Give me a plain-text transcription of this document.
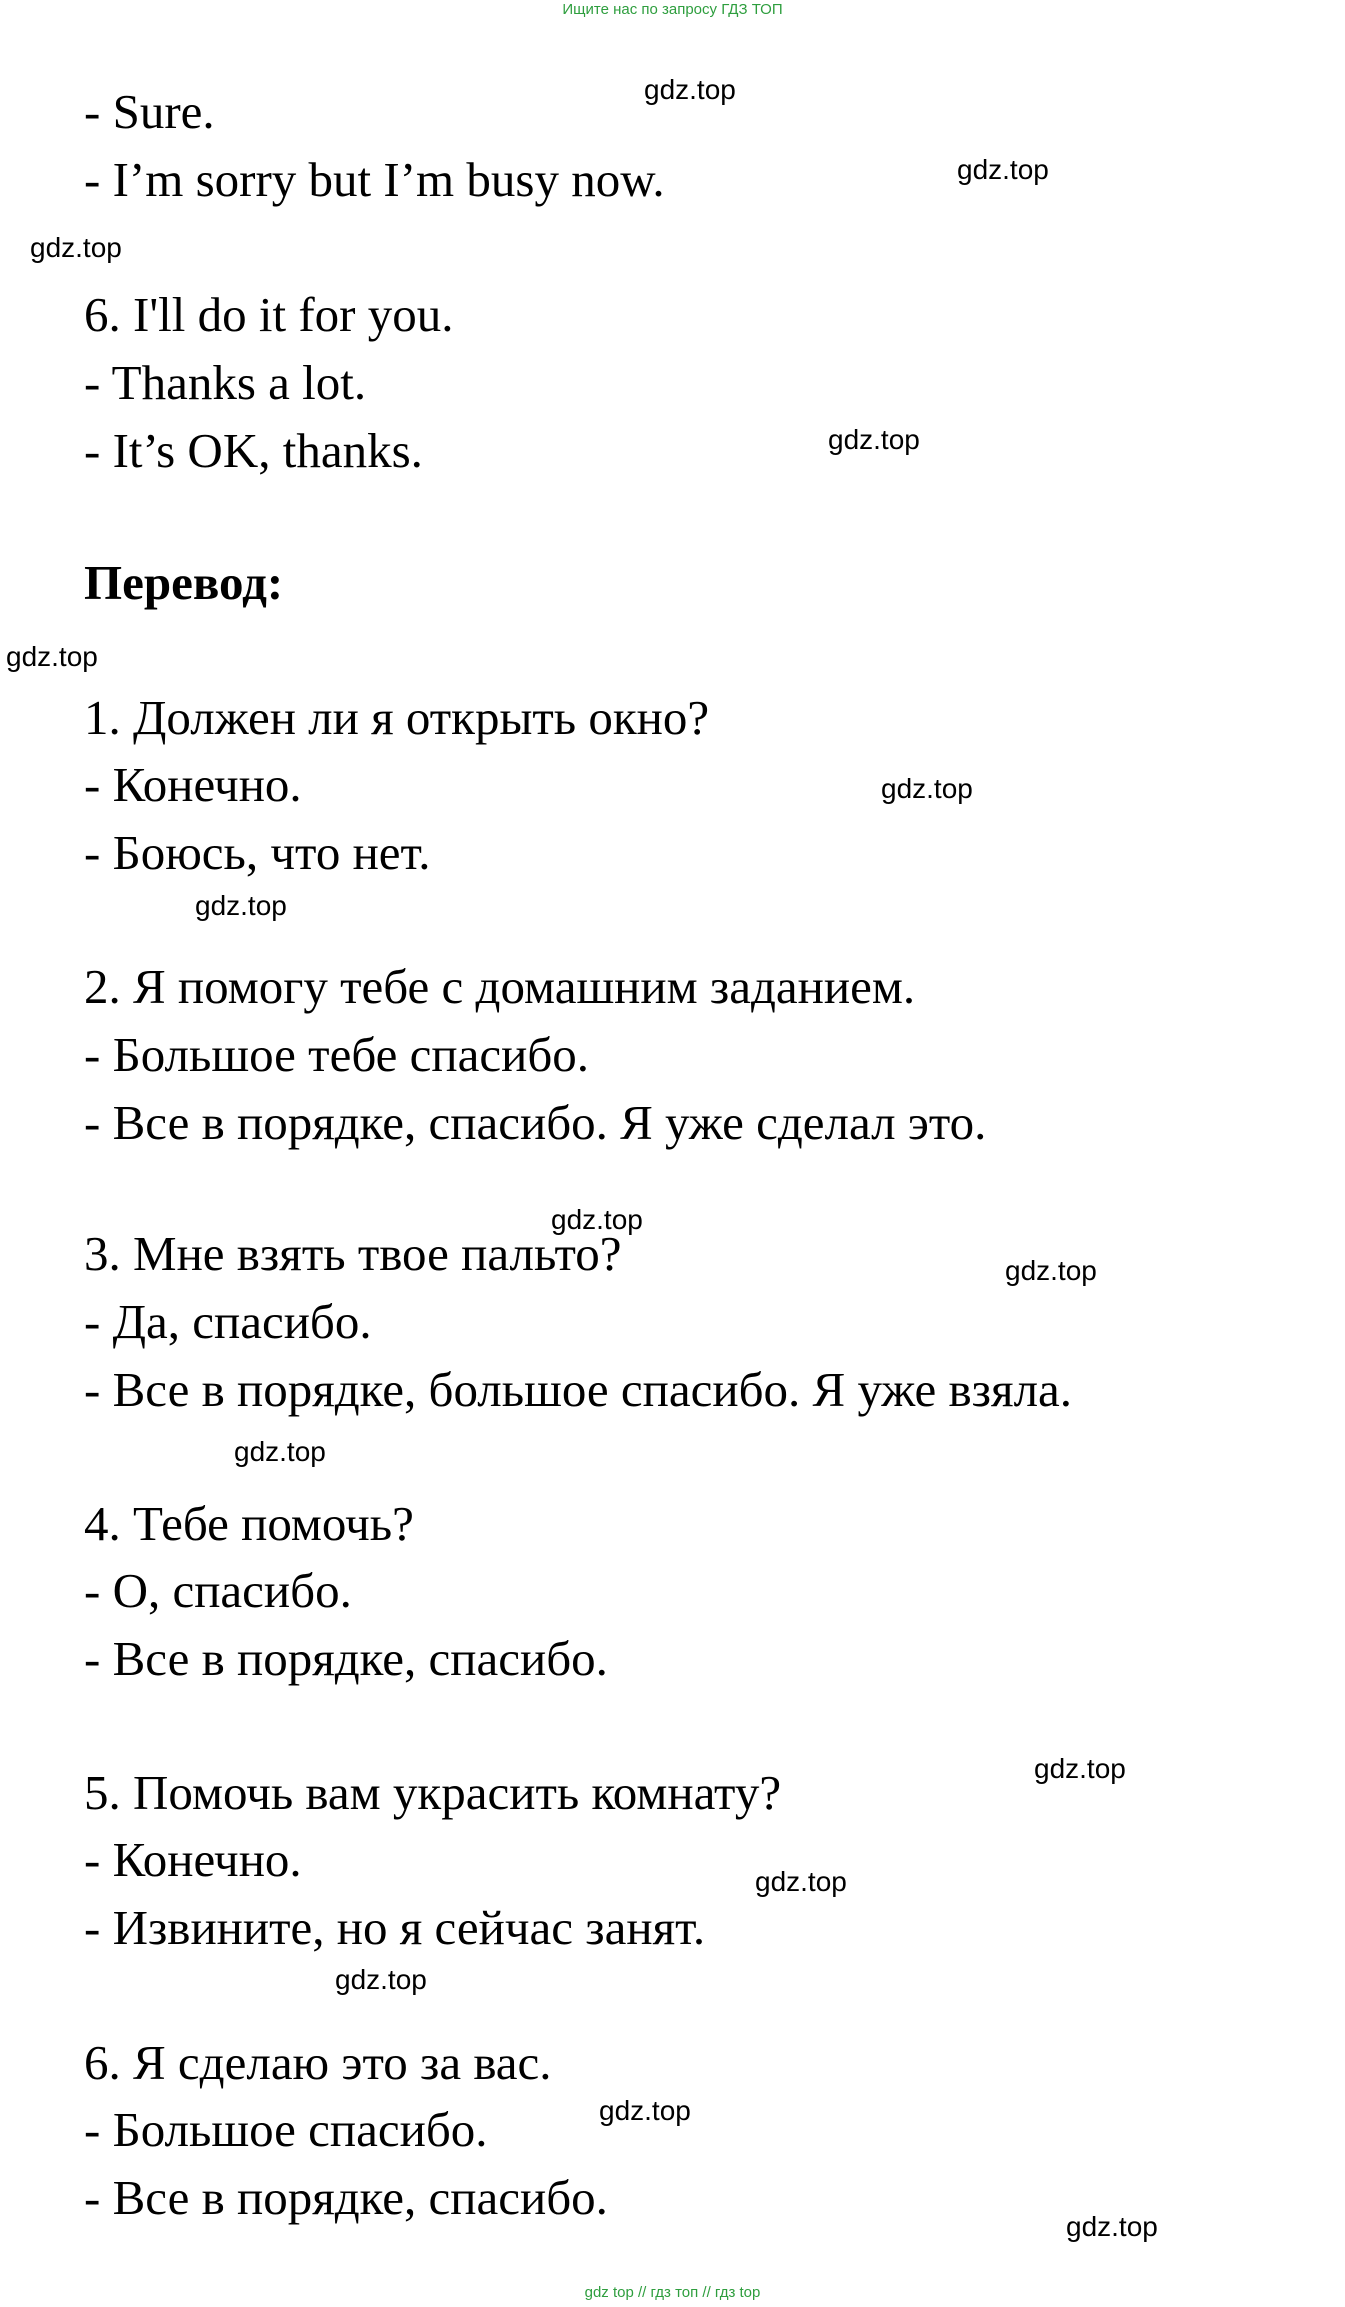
Ищите нас по запросу ГДЗ ТОП
- Sure.
- I’m sorry but I’m busy now.
6. I'll do it for you.
- Thanks a lot.
- It’s OK, thanks.
Перевод:
1. Должен ли я открыть окно?
- Конечно.
- Боюсь, что нет.
2. Я помогу тебе с домашним заданием.
- Большое тебе спасибо.
- Все в порядке, спасибо. Я уже сделал это.
3. Мне взять твое пальто?
- Да, спасибо.
- Все в порядке, большое спасибо. Я уже взяла.
4. Тебе помочь?
- О, спасибо.
- Все в порядке, спасибо.
5. Помочь вам украсить комнату?
- Конечно.
- Извините, но я сейчас занят.
6. Я сделаю это за вас.
- Большое спасибо.
- Все в порядке, спасибо.
gdz.top
gdz.top
gdz.top
gdz.top
gdz.top
gdz.top
gdz.top
gdz.top
gdz.top
gdz.top
gdz.top
gdz.top
gdz.top
gdz.top
gdz.top
gdz top // гдз топ // гдз top
